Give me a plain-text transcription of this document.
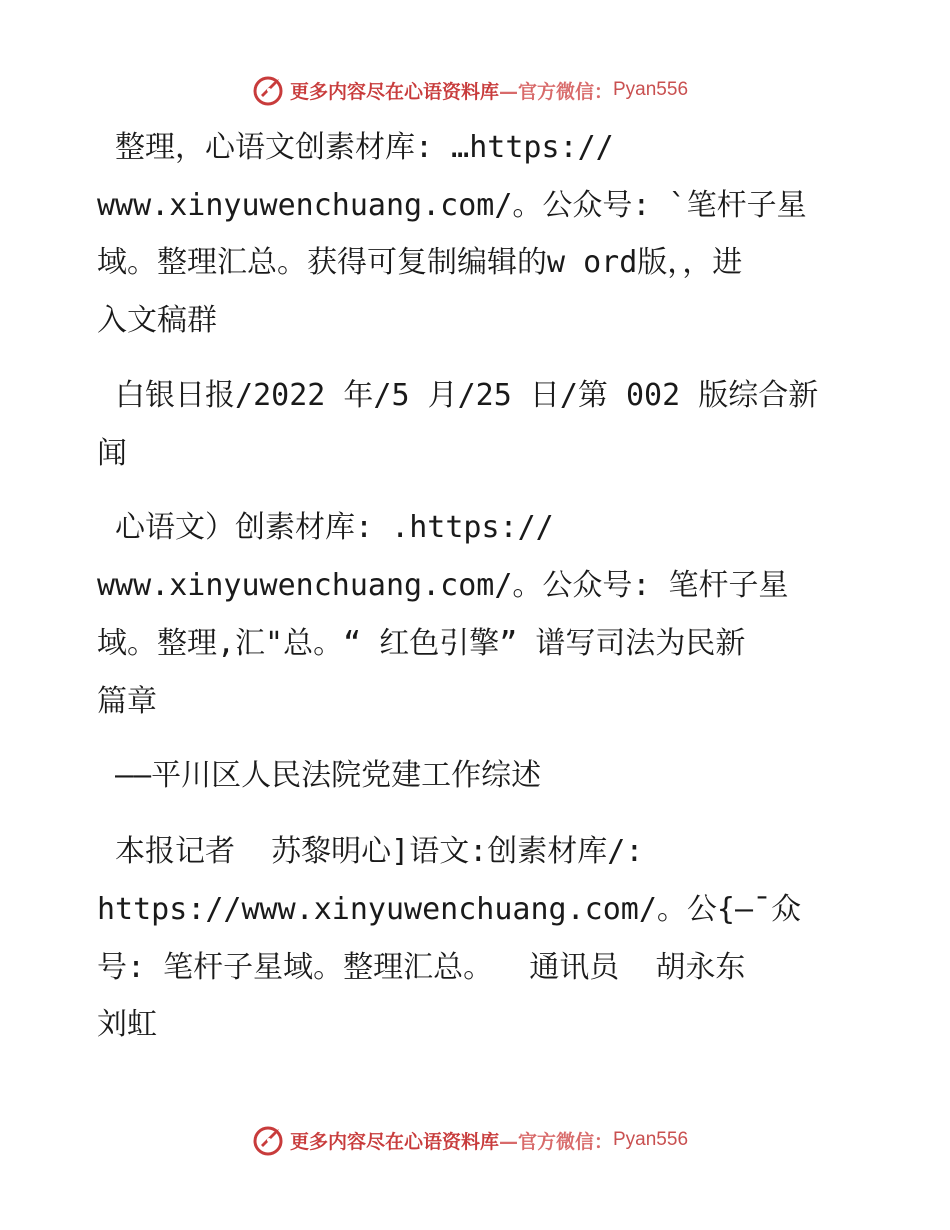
更多内容尽在心语资料库 —官方微信： Pyan556
整理，心语文创素材库: …https://
www.xinyuwenchuang.com/。公众号: `笔杆子星
域。整理汇总。获得可复制编辑的w ord版，，进
入文稿群
白银日报/2022 年/5 月/25 日/第 002 版综合新
闻
心语文）创素材库: .https://
www.xinyuwenchuang.com/。公众号: 笔杆子星
域。整理,汇"总。“ 红色引擎” 谱写司法为民新
篇章
——平川区人民法院党建工作综述
本报记者  苏黎明心]语文:创素材库/:
https://www.xinyuwenchuang.com/。公{—¯众
号: 笔杆子星域。整理汇总。  通讯员  胡永东
刘虹
更多内容尽在心语资料库 —官方微信： Pyan556
